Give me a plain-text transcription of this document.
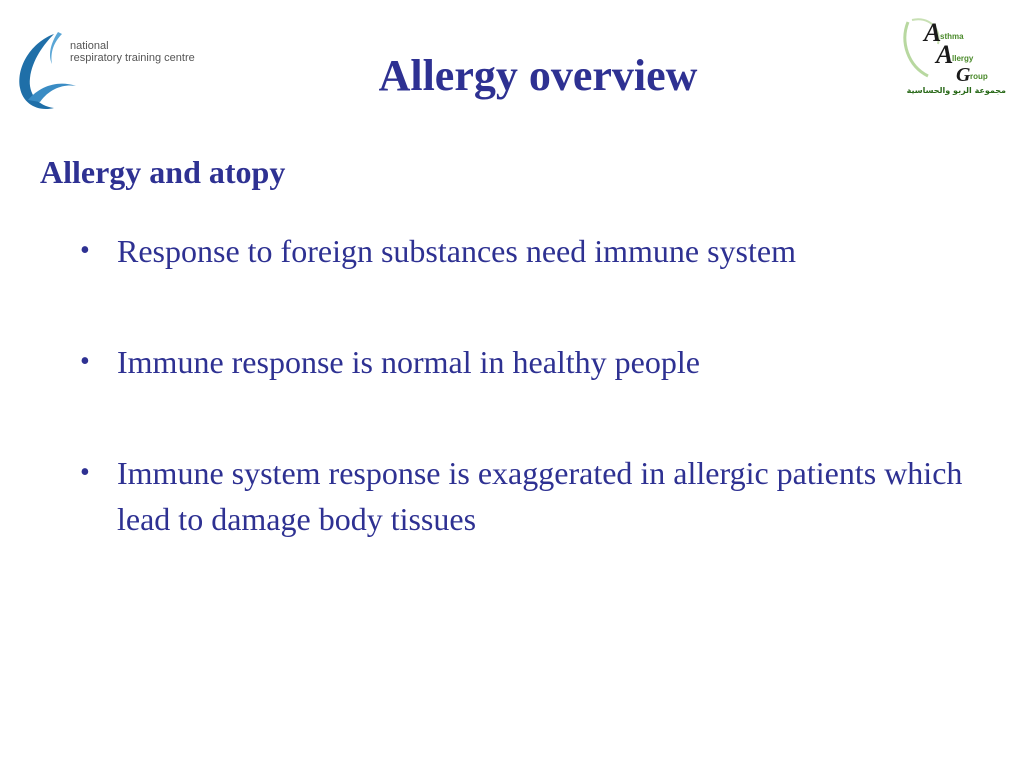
national
respiratory training centre
A
sthma
A
llergy
G roup
مجموعة الربو والحساسية
Allergy overview
Allergy and atopy
• Response to foreign substances need immune system
• Immune response is normal in healthy people
• Immune system response is exaggerated in allergic patients which lead to damage body tissues
